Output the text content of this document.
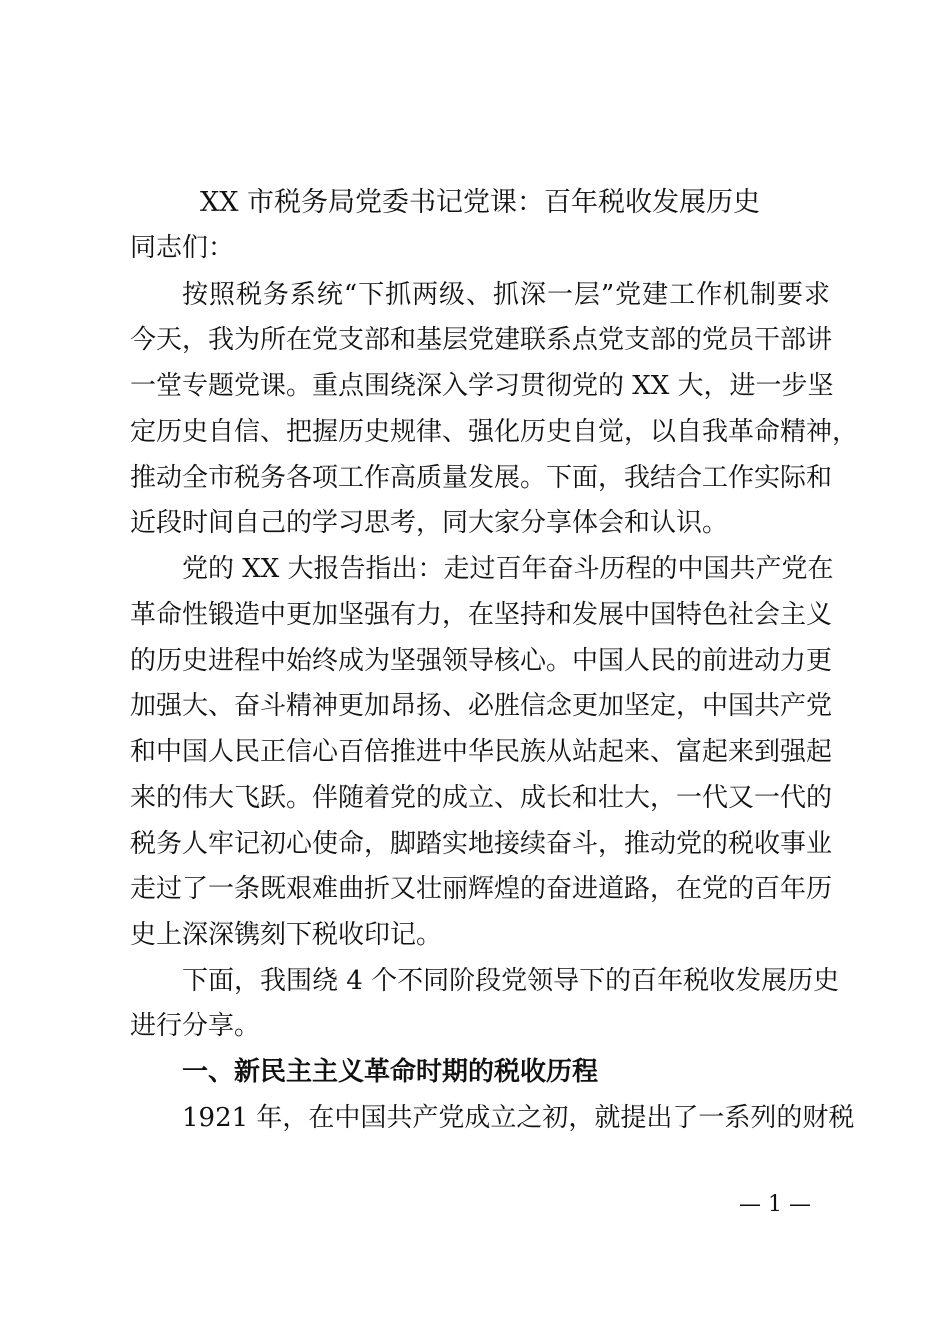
XX 市税务局党委书记党课：百年税收发展历史
同志们：
按照税务系统“下抓两级、抓深一层”党建工作机制要求
今天，我为所在党支部和基层党建联系点党支部的党员干部讲
一堂专题党课。重点围绕深入学习贯彻党的 XX 大，进一步坚
定历史自信、把握历史规律、强化历史自觉，以自我革命精神，
推动全市税务各项工作高质量发展。下面，我结合工作实际和
近段时间自己的学习思考，同大家分享体会和认识。
党的 XX 大报告指出：走过百年奋斗历程的中国共产党在
革命性锻造中更加坚强有力，在坚持和发展中国特色社会主义
的历史进程中始终成为坚强领导核心。中国人民的前进动力更
加强大、奋斗精神更加昂扬、必胜信念更加坚定，中国共产党
和中国人民正信心百倍推进中华民族从站起来、富起来到强起
来的伟大飞跃。伴随着党的成立、成长和壮大，一代又一代的
税务人牢记初心使命，脚踏实地接续奋斗，推动党的税收事业
走过了一条既艰难曲折又壮丽辉煌的奋进道路，在党的百年历
史上深深镌刻下税收印记。
下面，我围绕 4 个不同阶段党领导下的百年税收发展历史
进行分享。
一、新民主主义革命时期的税收历程
1921 年，在中国共产党成立之初，就提出了一系列的财税
— 1 —
